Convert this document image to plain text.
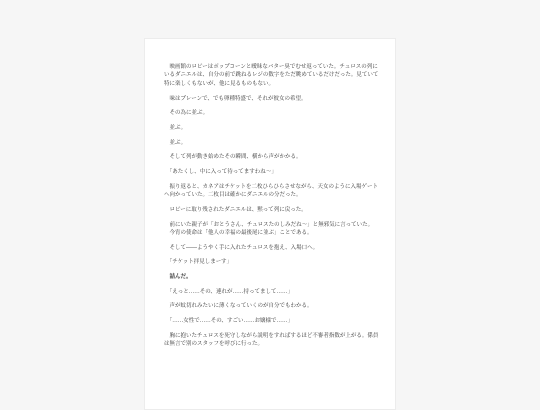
　映画館のロビーはポップコーンと曖昧なバター臭でむせ返っていた。チュロスの列にいるダニエルは、自分の前で跳ねるレジの数字をただ眺めているだけだった。見ていて特に楽しくもないが、他に見るものもない。

　味はプレーンで、でも卵種特盛で、それが彼女の希望。

　その為に並ぶ。

　並ぶ。

　並ぶ。

　そして列が動き始めたその瞬間、横から声がかかる。

　「あたくし、中に入って待ってますわね～」

　振り返ると、カネアはチケットを二枚ひらひらさせながら、天女のように入場ゲートへ向かっていた。二枚目は確かにダニエルの分だった。

　ロビーに取り残されたダニエルは、黙って列に戻った。

　前にいた親子が「おとうさん、チュロスたのしみだね～」と無邪気に言っていた。
　今宵の使命は「他人の幸福の最後尾に並ぶ」ことである。

　そして――ようやく手に入れたチュロスを抱え、入場口へ。

　「チケット拝見しまーす」

　詰んだ。

　「えっと……その、連れが……持ってまして……」

　声が蚊切れみたいに薄くなっていくのが自分でもわかる。

　「……女性で……その、すごい……お嬢様で……」

　胸に抱いたチュロスを死守しながら説明をすればするほど不審者指数が上がる。係員は無言で別のスタッフを呼びに行った。
